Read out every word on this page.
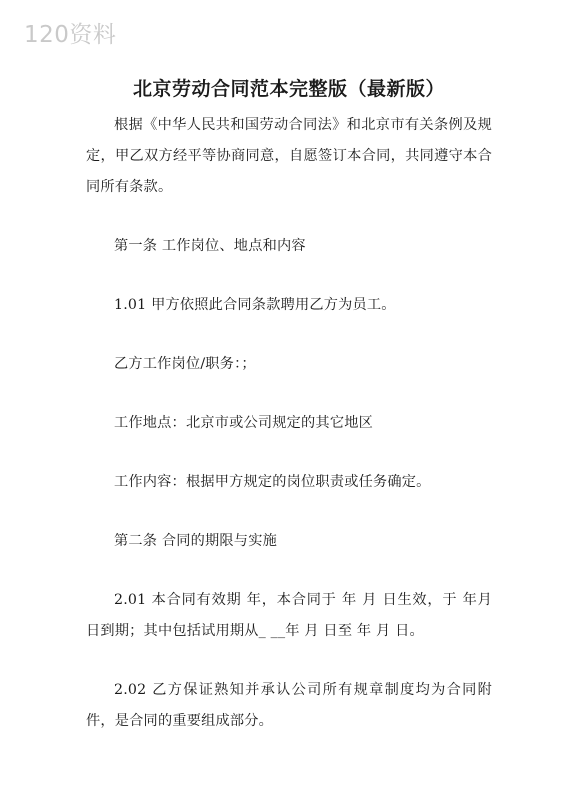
120资料
北京劳动合同范本完整版（最新版）

根据《中华人民共和国劳动合同法》和北京市有关条例及规定，甲乙双方经平等协商同意，自愿签订本合同，共同遵守本合同所有条款。

第一条 工作岗位、地点和内容

1.01 甲方依照此合同条款聘用乙方为员工。

乙方工作岗位/职务：；

工作地点：北京市或公司规定的其它地区

工作内容：根据甲方规定的岗位职责或任务确定。

第二条 合同的期限与实施

2.01 本合同有效期 年，本合同于 年 月 日生效，于 年月 日到期；其中包括试用期从_ __年 月 日至 年 月 日。

2.02 乙方保证熟知并承认公司所有规章制度均为合同附件，是合同的重要组成部分。
